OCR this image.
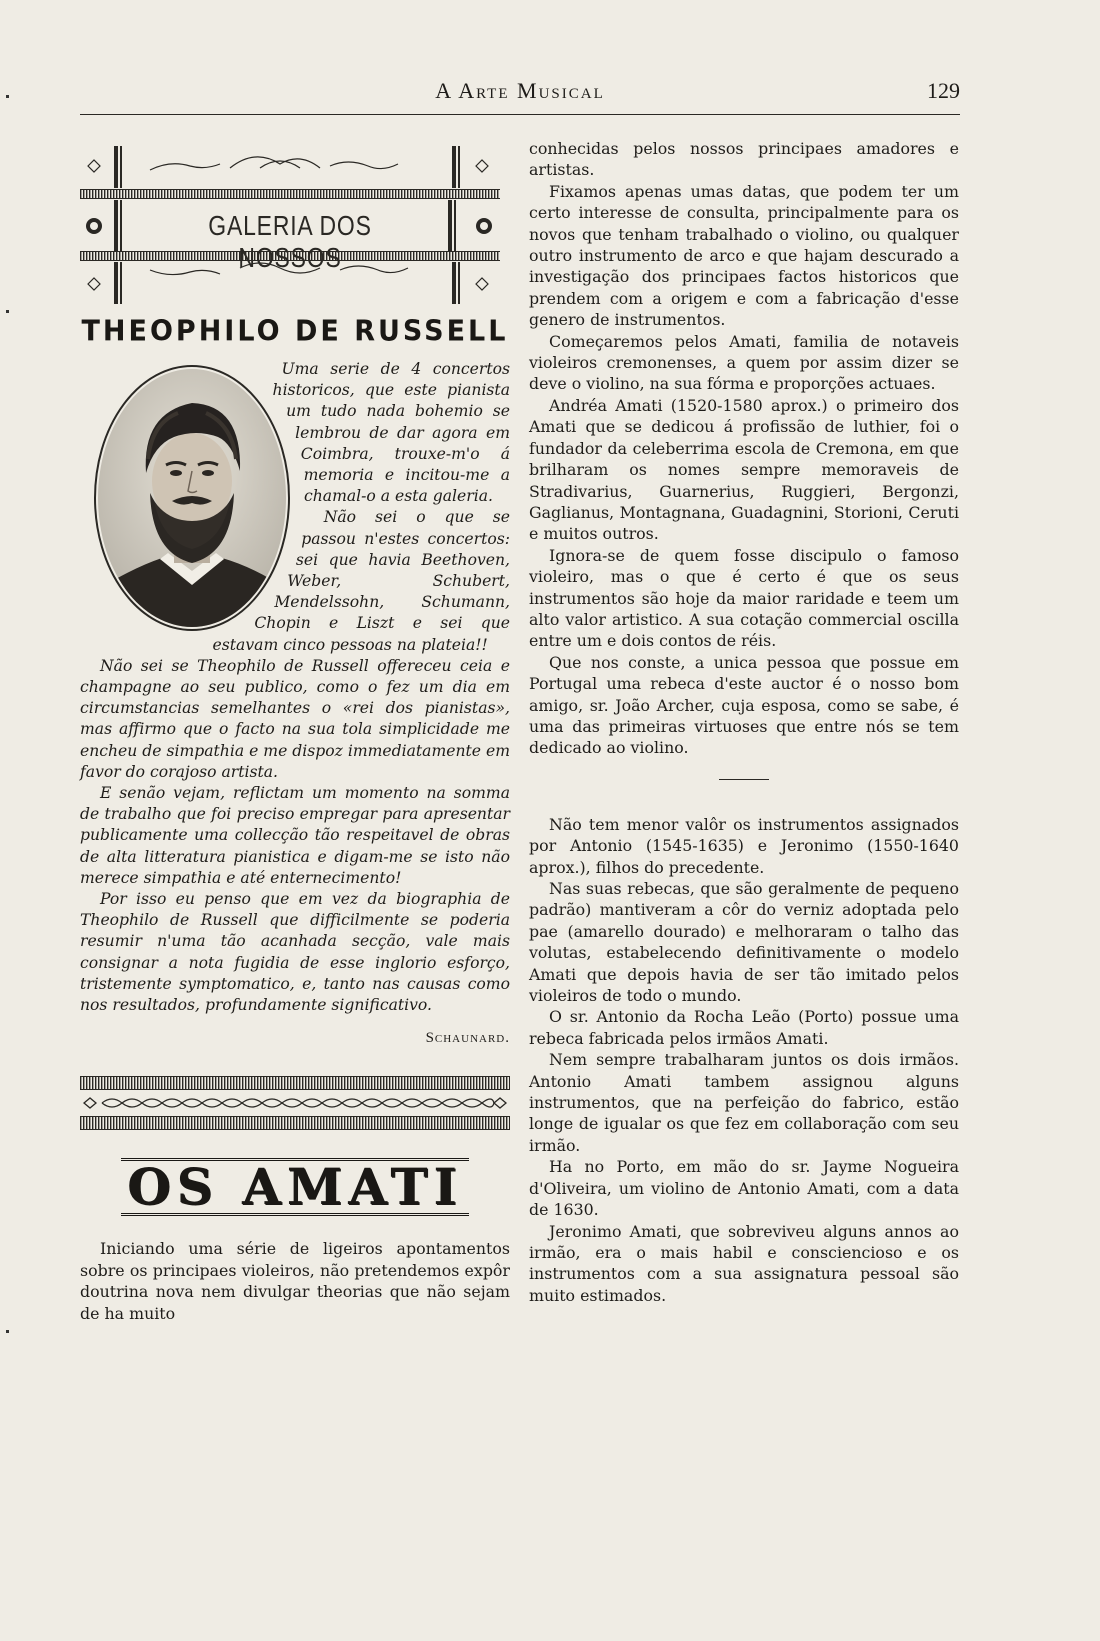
A Arte Musical	129
GALERIA DOS NOSSOS
THEOPHILO DE RUSSELL

Uma serie de 4 concertos historicos, que este pianista um tudo nada bohemio se lembrou de dar agora em Coimbra, trouxe-m'o á memoria e incitou-me a chamal-o a esta galeria.

Não sei o que se passou n'estes concertos: sei que havia Beethoven, Weber, Schubert, Mendelssohn, Schumann, Chopin e Liszt e sei que estavam cinco pessoas na plateia!!

Não sei se Theophilo de Russell offereceu ceia e champagne ao seu publico, como o fez um dia em circumstancias semelhantes o «rei dos pianistas», mas affirmo que o facto na sua tola simplicidade me encheu de simpathia e me dispoz immediatamente em favor do corajoso artista.

E senão vejam, reflictam um momento na somma de trabalho que foi preciso empregar para apresentar publicamente uma collecção tão respeitavel de obras de alta litteratura pianistica e digam-me se isto não merece simpathia e até enternecimento!

Por isso eu penso que em vez da biographia de Theophilo de Russell que difficilmente se poderia resumir n'uma tão acanhada secção, vale mais consignar a nota fugidia de esse inglorio esforço, tristemente symptomatico, e, tanto nas causas como nos resultados, profundamente significativo.

Schaunard.
OS AMATI

Iniciando uma série de ligeiros apontamentos sobre os principaes violeiros, não pretendemos expôr doutrina nova nem divulgar theorias que não sejam de ha muito

conhecidas pelos nossos principaes amadores e artistas.

Fixamos apenas umas datas, que podem ter um certo interesse de consulta, principalmente para os novos que tenham trabalhado o violino, ou qualquer outro instrumento de arco e que hajam descurado a investigação dos principaes factos historicos que prendem com a origem e com a fabricação d'esse genero de instrumentos.

Começaremos pelos Amati, familia de notaveis violeiros cremonenses, a quem por assim dizer se deve o violino, na sua fórma e proporções actuaes.

Andréa Amati (1520-1580 aprox.) o primeiro dos Amati que se dedicou á profissão de luthier, foi o fundador da celeberrima escola de Cremona, em que brilharam os nomes sempre memoraveis de Stradivarius, Guarnerius, Ruggieri, Bergonzi, Gaglianus, Montagnana, Guadagnini, Storioni, Ceruti e muitos outros.

Ignora-se de quem fosse discipulo o famoso violeiro, mas o que é certo é que os seus instrumentos são hoje da maior raridade e teem um alto valor artistico. A sua cotação commercial oscilla entre um e dois contos de réis.

Que nos conste, a unica pessoa que possue em Portugal uma rebeca d'este auctor é o nosso bom amigo, sr. João Archer, cuja esposa, como se sabe, é uma das primeiras virtuoses que entre nós se tem dedicado ao violino.

Não tem menor valôr os instrumentos assignados por Antonio (1545-1635) e Jeronimo (1550-1640 aprox.), filhos do precedente.

Nas suas rebecas, que são geralmente de pequeno padrão) mantiveram a côr do verniz adoptada pelo pae (amarello dourado) e melhoraram o talho das volutas, estabelecendo definitivamente o modelo Amati que depois havia de ser tão imitado pelos violeiros de todo o mundo.

O sr. Antonio da Rocha Leão (Porto) possue uma rebeca fabricada pelos irmãos Amati.

Nem sempre trabalharam juntos os dois irmãos. Antonio Amati tambem assignou alguns instrumentos, que na perfeição do fabrico, estão longe de igualar os que fez em collaboração com seu irmão.

Ha no Porto, em mão do sr. Jayme Nogueira d'Oliveira, um violino de Antonio Amati, com a data de 1630.

Jeronimo Amati, que sobreviveu alguns annos ao irmão, era o mais habil e consciencioso e os instrumentos com a sua assignatura pessoal são muito estimados.
